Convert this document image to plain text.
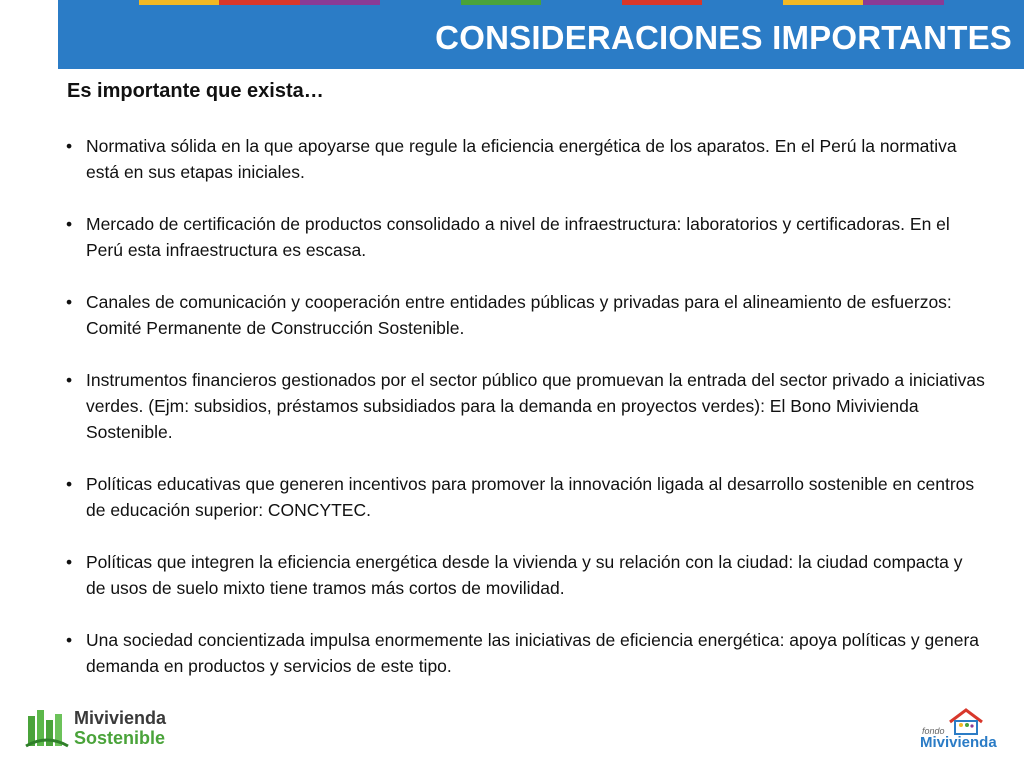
CONSIDERACIONES IMPORTANTES
Es importante que exista…
• Normativa sólida en la que apoyarse que regule la eficiencia energética de los aparatos. En el Perú la normativa está en sus etapas iniciales.
• Mercado de certificación de productos consolidado a nivel de infraestructura: laboratorios y certificadoras. En el Perú esta infraestructura es escasa.
• Canales de comunicación y cooperación entre entidades públicas y privadas para el alineamiento de esfuerzos: Comité Permanente de Construcción Sostenible.
• Instrumentos financieros gestionados por el sector público que promuevan la entrada del sector privado a iniciativas verdes. (Ejm: subsidios, préstamos subsidiados para la demanda en proyectos verdes): El Bono Mivivienda Sostenible.
• Políticas educativas que generen incentivos para promover la innovación ligada al desarrollo sostenible en centros de educación superior: CONCYTEC.
• Políticas que integren la eficiencia energética desde la vivienda y su relación con la ciudad: la ciudad compacta y de usos de suelo mixto tiene tramos más cortos de movilidad.
• Una sociedad concientizada impulsa enormemente las iniciativas de eficiencia energética: apoya políticas y genera demanda en productos y servicios de este tipo.
Mivivienda
Sostenible	fondo
Mivivienda
